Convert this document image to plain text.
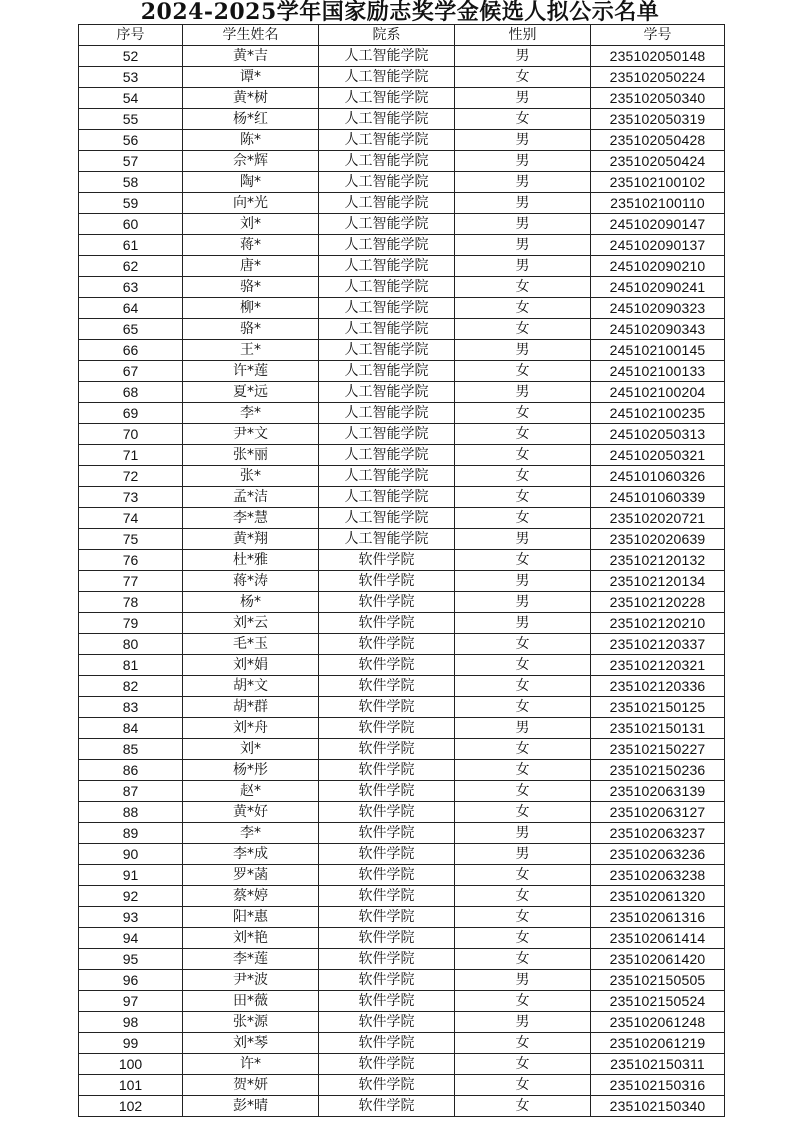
2024-2025学年国家励志奖学金候选人拟公示名单
序号	学生姓名	院系	性别	学号
52	黄*吉	人工智能学院	男	235102050148
53	谭*	人工智能学院	女	235102050224
54	黄*树	人工智能学院	男	235102050340
55	杨*红	人工智能学院	女	235102050319
56	陈*	人工智能学院	男	235102050428
57	佘*辉	人工智能学院	男	235102050424
58	陶*	人工智能学院	男	235102100102
59	向*光	人工智能学院	男	235102100110
60	刘*	人工智能学院	男	245102090147
61	蒋*	人工智能学院	男	245102090137
62	唐*	人工智能学院	男	245102090210
63	骆*	人工智能学院	女	245102090241
64	柳*	人工智能学院	女	245102090323
65	骆*	人工智能学院	女	245102090343
66	王*	人工智能学院	男	245102100145
67	许*莲	人工智能学院	女	245102100133
68	夏*远	人工智能学院	男	245102100204
69	李*	人工智能学院	女	245102100235
70	尹*文	人工智能学院	女	245102050313
71	张*丽	人工智能学院	女	245102050321
72	张*	人工智能学院	女	245101060326
73	孟*洁	人工智能学院	女	245101060339
74	李*慧	人工智能学院	女	235102020721
75	黄*翔	人工智能学院	男	235102020639
76	杜*雅	软件学院	女	235102120132
77	蒋*涛	软件学院	男	235102120134
78	杨*	软件学院	男	235102120228
79	刘*云	软件学院	男	235102120210
80	毛*玉	软件学院	女	235102120337
81	刘*娟	软件学院	女	235102120321
82	胡*文	软件学院	女	235102120336
83	胡*群	软件学院	女	235102150125
84	刘*舟	软件学院	男	235102150131
85	刘*	软件学院	女	235102150227
86	杨*彤	软件学院	女	235102150236
87	赵*	软件学院	女	235102063139
88	黄*好	软件学院	女	235102063127
89	李*	软件学院	男	235102063237
90	李*成	软件学院	男	235102063236
91	罗*菡	软件学院	女	235102063238
92	蔡*婷	软件学院	女	235102061320
93	阳*惠	软件学院	女	235102061316
94	刘*艳	软件学院	女	235102061414
95	李*莲	软件学院	女	235102061420
96	尹*波	软件学院	男	235102150505
97	田*薇	软件学院	女	235102150524
98	张*源	软件学院	男	235102061248
99	刘*琴	软件学院	女	235102061219
100	许*	软件学院	女	235102150311
101	贺*妍	软件学院	女	235102150316
102	彭*晴	软件学院	女	235102150340
